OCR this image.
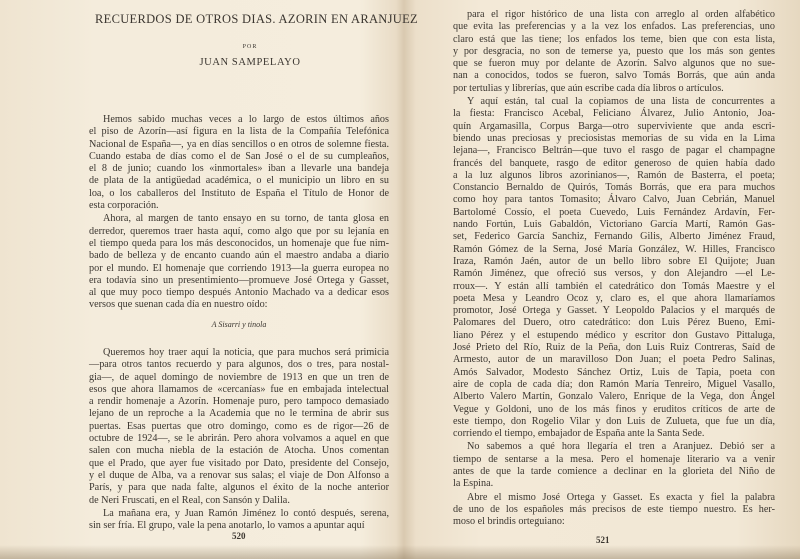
RECUERDOS DE OTROS DIAS. AZORIN EN ARANJUEZ
POR
JUAN SAMPELAYO
Hemos sabido muchas veces a lo largo de estos últimos años
el piso de Azorín—así figura en la lista de la Compañía Telefónica
Nacional de España—, ya en días sencillos o en otros de solemne fiesta.
Cuando estaba de días como el de San José o el de su cumpleaños,
el 8 de junio; cuando los «inmortales» iban a llevarle una bandeja
de plata de la antigüedad académica, o el municipio un libro en su
loa, o los caballeros del Instituto de España el Título de Honor de
esta corporación.
Ahora, al margen de tanto ensayo en su torno, de tanta glosa en
derredor, queremos traer hasta aquí, como algo que por su lejanía en
el tiempo queda para los más desconocidos, un homenaje que fue nim-
bado de belleza y de encanto cuando aún el maestro andaba a diario
por el mundo. El homenaje que corriendo 1913—la guerra europea no
era todavía sino un presentimiento—promueve José Ortega y Gasset,
al que muy poco tiempo después Antonio Machado va a dedicar esos
versos que suenan cada día en nuestro oído:
A Sisarri y tinola
Queremos hoy traer aquí la noticia, que para muchos será primicia
—para otros tantos recuerdo y para algunos, dos o tres, para nostal-
gia—, de aquel domingo de noviembre de 1913 en que un tren de
esos que ahora llamamos de «cercanías» fue en embajada intelectual
a rendir homenaje a Azorín. Homenaje puro, pero tampoco demasiado
lejano de un reproche a la Academia que no le termina de abrir sus
puertas. Esas puertas que otro domingo, como es de rigor—26 de
octubre de 1924—, se le abrirán. Pero ahora volvamos a aquel en que
salen con mucha niebla de la estación de Atocha. Unos comentan
que el Prado, que ayer fue visitado por Dato, presidente del Consejo,
y el duque de Alba, va a renovar sus salas; el viaje de Don Alfonso a
París, y para que nada falte, algunos el éxito de la noche anterior
de Neri Fruscati, en el Real, con Sansón y Dalila.
La mañana era, y Juan Ramón Jiménez lo contó después, serena,
sin ser fría. El grupo, vale la pena anotarlo, lo vamos a apuntar aquí
520
para el rigor histórico de una lista con arreglo al orden alfabético
que evita las preferencias y a la vez los enfados. Las preferencias, uno
claro está que las tiene; los enfados los teme, bien que con esta lista,
y por desgracia, no son de temerse ya, puesto que los más son gentes
que se fueron muy por delante de Azorín. Salvo algunos que no sue-
nan a conocidos, todos se fueron, salvo Tomás Borrás, que aún anda
por tertulias y librerías, que aún escribe cada día libros o artículos.
Y aquí están, tal cual la copiamos de una lista de concurrentes a
la fiesta: Francisco Acebal, Feliciano Álvarez, Julio Antonio, Joa-
quín Argamasilla, Corpus Barga—otro superviviente que anda escri-
biendo unas preciosas y preciosistas memorias de su vida en la Lima
lejana—, Francisco Beltrán—que tuvo el rasgo de pagar el champagne
francés del banquete, rasgo de editor generoso de quien había dado
a la luz algunos libros azorinianos—, Ramón de Basterra, el poeta;
Constancio Bernaldo de Quirós, Tomás Borrás, que era para muchos
como hoy para tantos Tomasito; Álvaro Calvo, Juan Cebrián, Manuel
Bartolomé Cossío, el poeta Cuevedo, Luis Fernández Ardavín, Fer-
nando Fortún, Luis Gabaldón, Victoriano García Martí, Ramón Gas-
set, Federico García Sanchiz, Fernando Gilis, Alberto Jiménez Fraud,
Ramón Gómez de la Serna, José María González, W. Hilles, Francisco
Iraza, Ramón Jaén, autor de un bello libro sobre El Quijote; Juan
Ramón Jiménez, que ofreció sus versos, y don Alejandro —el Le-
rroux—. Y están allí también el catedrático don Tomás Maestre y el
poeta Mesa y Leandro Ocoz y, claro es, el que ahora llamaríamos
promotor, José Ortega y Gasset. Y Leopoldo Palacios y el marqués de
Palomares del Duero, otro catedrático: don Luis Pérez Bueno, Emi-
liano Pérez y el estupendo médico y escritor don Gustavo Pittaluga,
José Prieto del Río, Ruiz de la Peña, don Luis Ruiz Contreras, Saíd de
Armesto, autor de un maravilloso Don Juan; el poeta Pedro Salinas,
Amós Salvador, Modesto Sánchez Ortiz, Luis de Tapia, poeta con
aire de copla de cada día; don Ramón María Tenreiro, Miguel Vasallo,
Alberto Valero Martín, Gonzalo Valero, Enrique de la Vega, don Ángel
Vegue y Goldoni, uno de los más finos y eruditos críticos de arte de
este tiempo, don Rogelio Vilar y don Luis de Zulueta, que fue un día,
corriendo el tiempo, embajador de España ante la Santa Sede.
No sabemos a qué hora llegaría el tren a Aranjuez. Debió ser a
tiempo de sentarse a la mesa. Pero el homenaje literario va a venir
antes de que la tarde comience a declinar en la glorieta del Niño de
la Espina.
Abre el mismo José Ortega y Gasset. Es exacta y fiel la palabra
de uno de los españoles más precisos de este tiempo nuestro. Es her-
moso el brindis orteguiano:
521
